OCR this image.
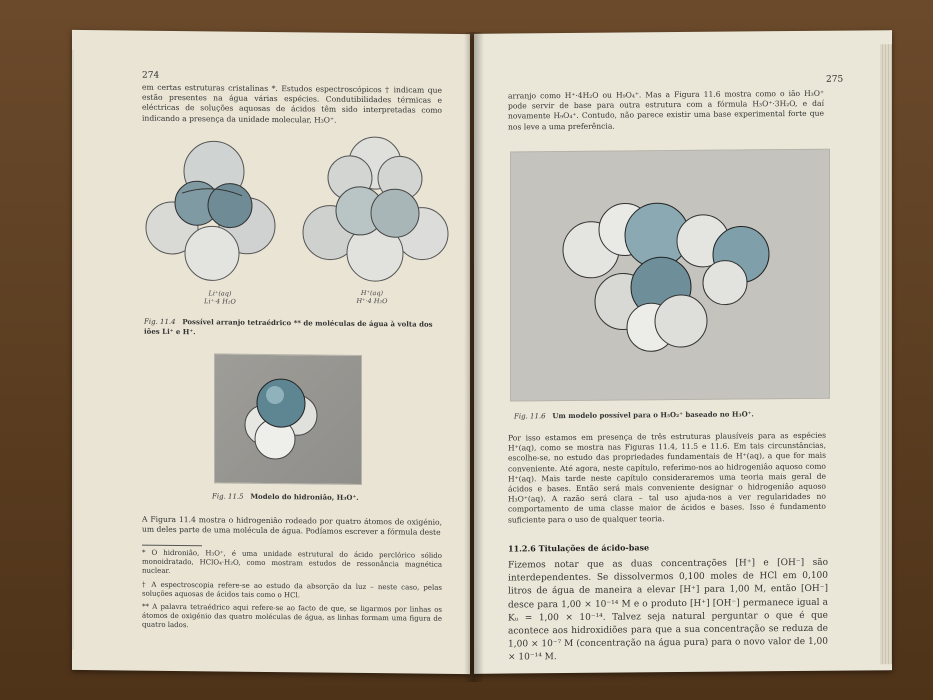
274
em certas estruturas cristalinas *. Estudos espectroscópicos † indicam que estão presentes na água várias espécies. Condutibilidades térmicas e eléctricas de soluções aquosas de ácidos têm sido interpretadas como indicando a presença da unidade molecular, H₃O⁺.
Li⁺(aq)
Li⁺·4 H₂O
H⁺(aq)
H⁺·4 H₂O
Fig. 11.4 Possível arranjo tetraédrico ** de moléculas de água à volta dos iões Li⁺ e H⁺.
Fig. 11.5 Modelo do hidroniâo, H₃O⁺.
A Figura 11.4 mostra o hidrogeniâo rodeado por quatro átomos de oxigénio, um deles parte de uma molécula de água. Podíamos escrever a fórmula deste

* O hidroniâo, H₃O⁺, é uma unidade estrutural do ácido perclórico sólido monoidratado, HClO₄·H₂O, como mostram estudos de ressonância magnética nuclear.

† A espectroscopia refere-se ao estudo da absorção da luz – neste caso, pelas soluções aquosas de ácidos tais como o HCl.

** A palavra tetraédrico aqui refere-se ao facto de que, se ligarmos por linhas os átomos de oxigénio das quatro moléculas de água, as linhas formam uma figura de quatro lados.

275
arranjo como H⁺·4H₂O ou H₉O₄⁺. Mas a Figura 11.6 mostra como o ião H₃O⁺ pode servir de base para outra estrutura com a fórmula H₃O⁺·3H₂O, e daí novamente H₉O₄⁺. Contudo, não parece existir uma base experimental forte que nos leve a uma preferência.
Fig. 11.6 Um modelo possível para o H₅O₂⁺ baseado no H₃O⁺.
Por isso estamos em presença de três estruturas plausíveis para as espécies H⁺(aq), como se mostra nas Figuras 11.4, 11.5 e 11.6. Em tais circunstâncias, escolhe-se, no estudo das propriedades fundamentais de H⁺(aq), a que for mais conveniente. Até agora, neste capítulo, referimo-nos ao hidrogeniâo aquoso como H⁺(aq). Mais tarde neste capítulo consideraremos uma teoria mais geral de ácidos e bases. Então será mais conveniente designar o hidrogeniâo aquoso H₃O⁺(aq). A razão será clara – tal uso ajuda-nos a ver regularidades no comportamento de uma classe maior de ácidos e bases. Isso é fundamento suficiente para o uso de qualquer teoria.
11.2.6 Titulações de ácido-base
Fizemos notar que as duas concentrações [H⁺] e [OH⁻] são interdependentes. Se dissolvermos 0,100 moles de HCl em 0,100 litros de água de maneira a elevar [H⁺] para 1,00 M, então [OH⁻] desce para 1,00 × 10⁻¹⁴ M e o produto [H⁺] [OH⁻] permanece igual a Kᵤ = 1,00 × 10⁻¹⁴. Talvez seja natural perguntar o que é que acontece aos hidroxidiões para que a sua concentração se reduza de 1,00 × 10⁻⁷ M (concentração na água pura) para o novo valor de 1,00 × 10⁻¹⁴ M.
